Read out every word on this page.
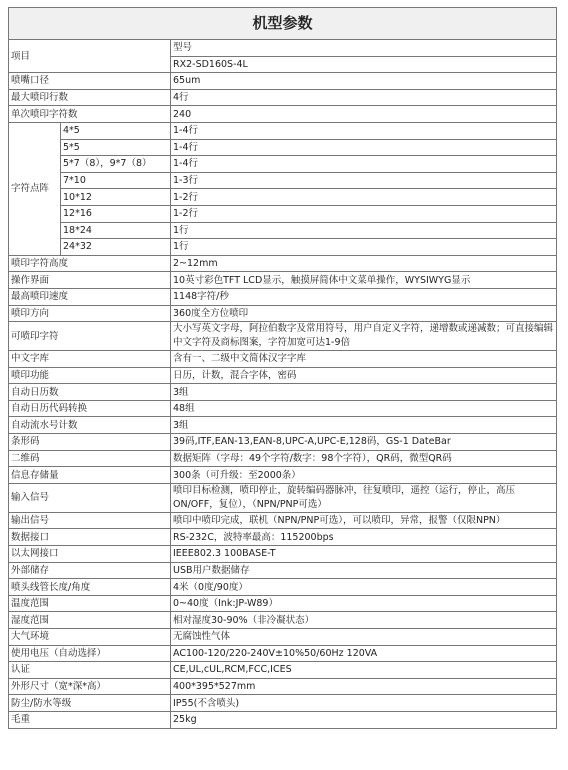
机型参数		
项目		型号
		RX2-SD160S-4L
喷嘴口径		65um
最大喷印行数		4行
单次喷印字符数		240
字符点阵	4*5	1-4行
	5*5	1-4行
	5*7（8），9*7（8）	1-4行
	7*10	1-3行
	10*12	1-2行
	12*16	1-2行
	18*24	1行
	24*32	1行
喷印字符高度		2~12mm
操作界面		10英寸彩色TFT LCD显示，触摸屏简体中文菜单操作，WYSIWYG显示
最高喷印速度		1148字符/秒
喷印方向		360度全方位喷印
可喷印字符		大小写英文字母，阿拉伯数字及常用符号，用户自定义字符，递增数或递减数；可直接编辑中文字符及商标图案，字符加宽可达1-9倍
中文字库		含有一、二级中文简体汉字字库
喷印功能		日历，计数，混合字体，密码
自动日历数		3组
自动日历代码转换		48组
自动流水号计数		3组
条形码		39码,ITF,EAN-13,EAN-8,UPC-A,UPC-E,128码，GS-1 DateBar
二维码		数据矩阵（字母：49个字符/数字：98个字符），QR码，微型QR码
信息存储量		300条（可升级：至2000条）
输入信号		喷印目标检测，喷印停止，旋转编码器脉冲，往复喷印，遥控（运行，停止，高压ON/OFF，复位），（NPN/PNP可选）
输出信号		喷印中喷印完成，联机（NPN/PNP可选），可以喷印，异常，报警（仅限NPN）
数据接口		RS-232C，波特率最高：115200bps
以太网接口		IEEE802.3 100BASE-T
外部储存		USB用户数据储存
喷头线管长度/角度		4米（0度/90度）
温度范围		0~40度（Ink:JP-W89）
湿度范围		相对湿度30-90%（非冷凝状态）
大气环境		无腐蚀性气体
使用电压（自动选择）		AC100-120/220-240V±10%50/60Hz 120VA
认证		CE,UL,cUL,RCM,FCC,ICES
外形尺寸（宽*深*高）		400*395*527mm
防尘/防水等级		IP55(不含喷头)
毛重		25kg
